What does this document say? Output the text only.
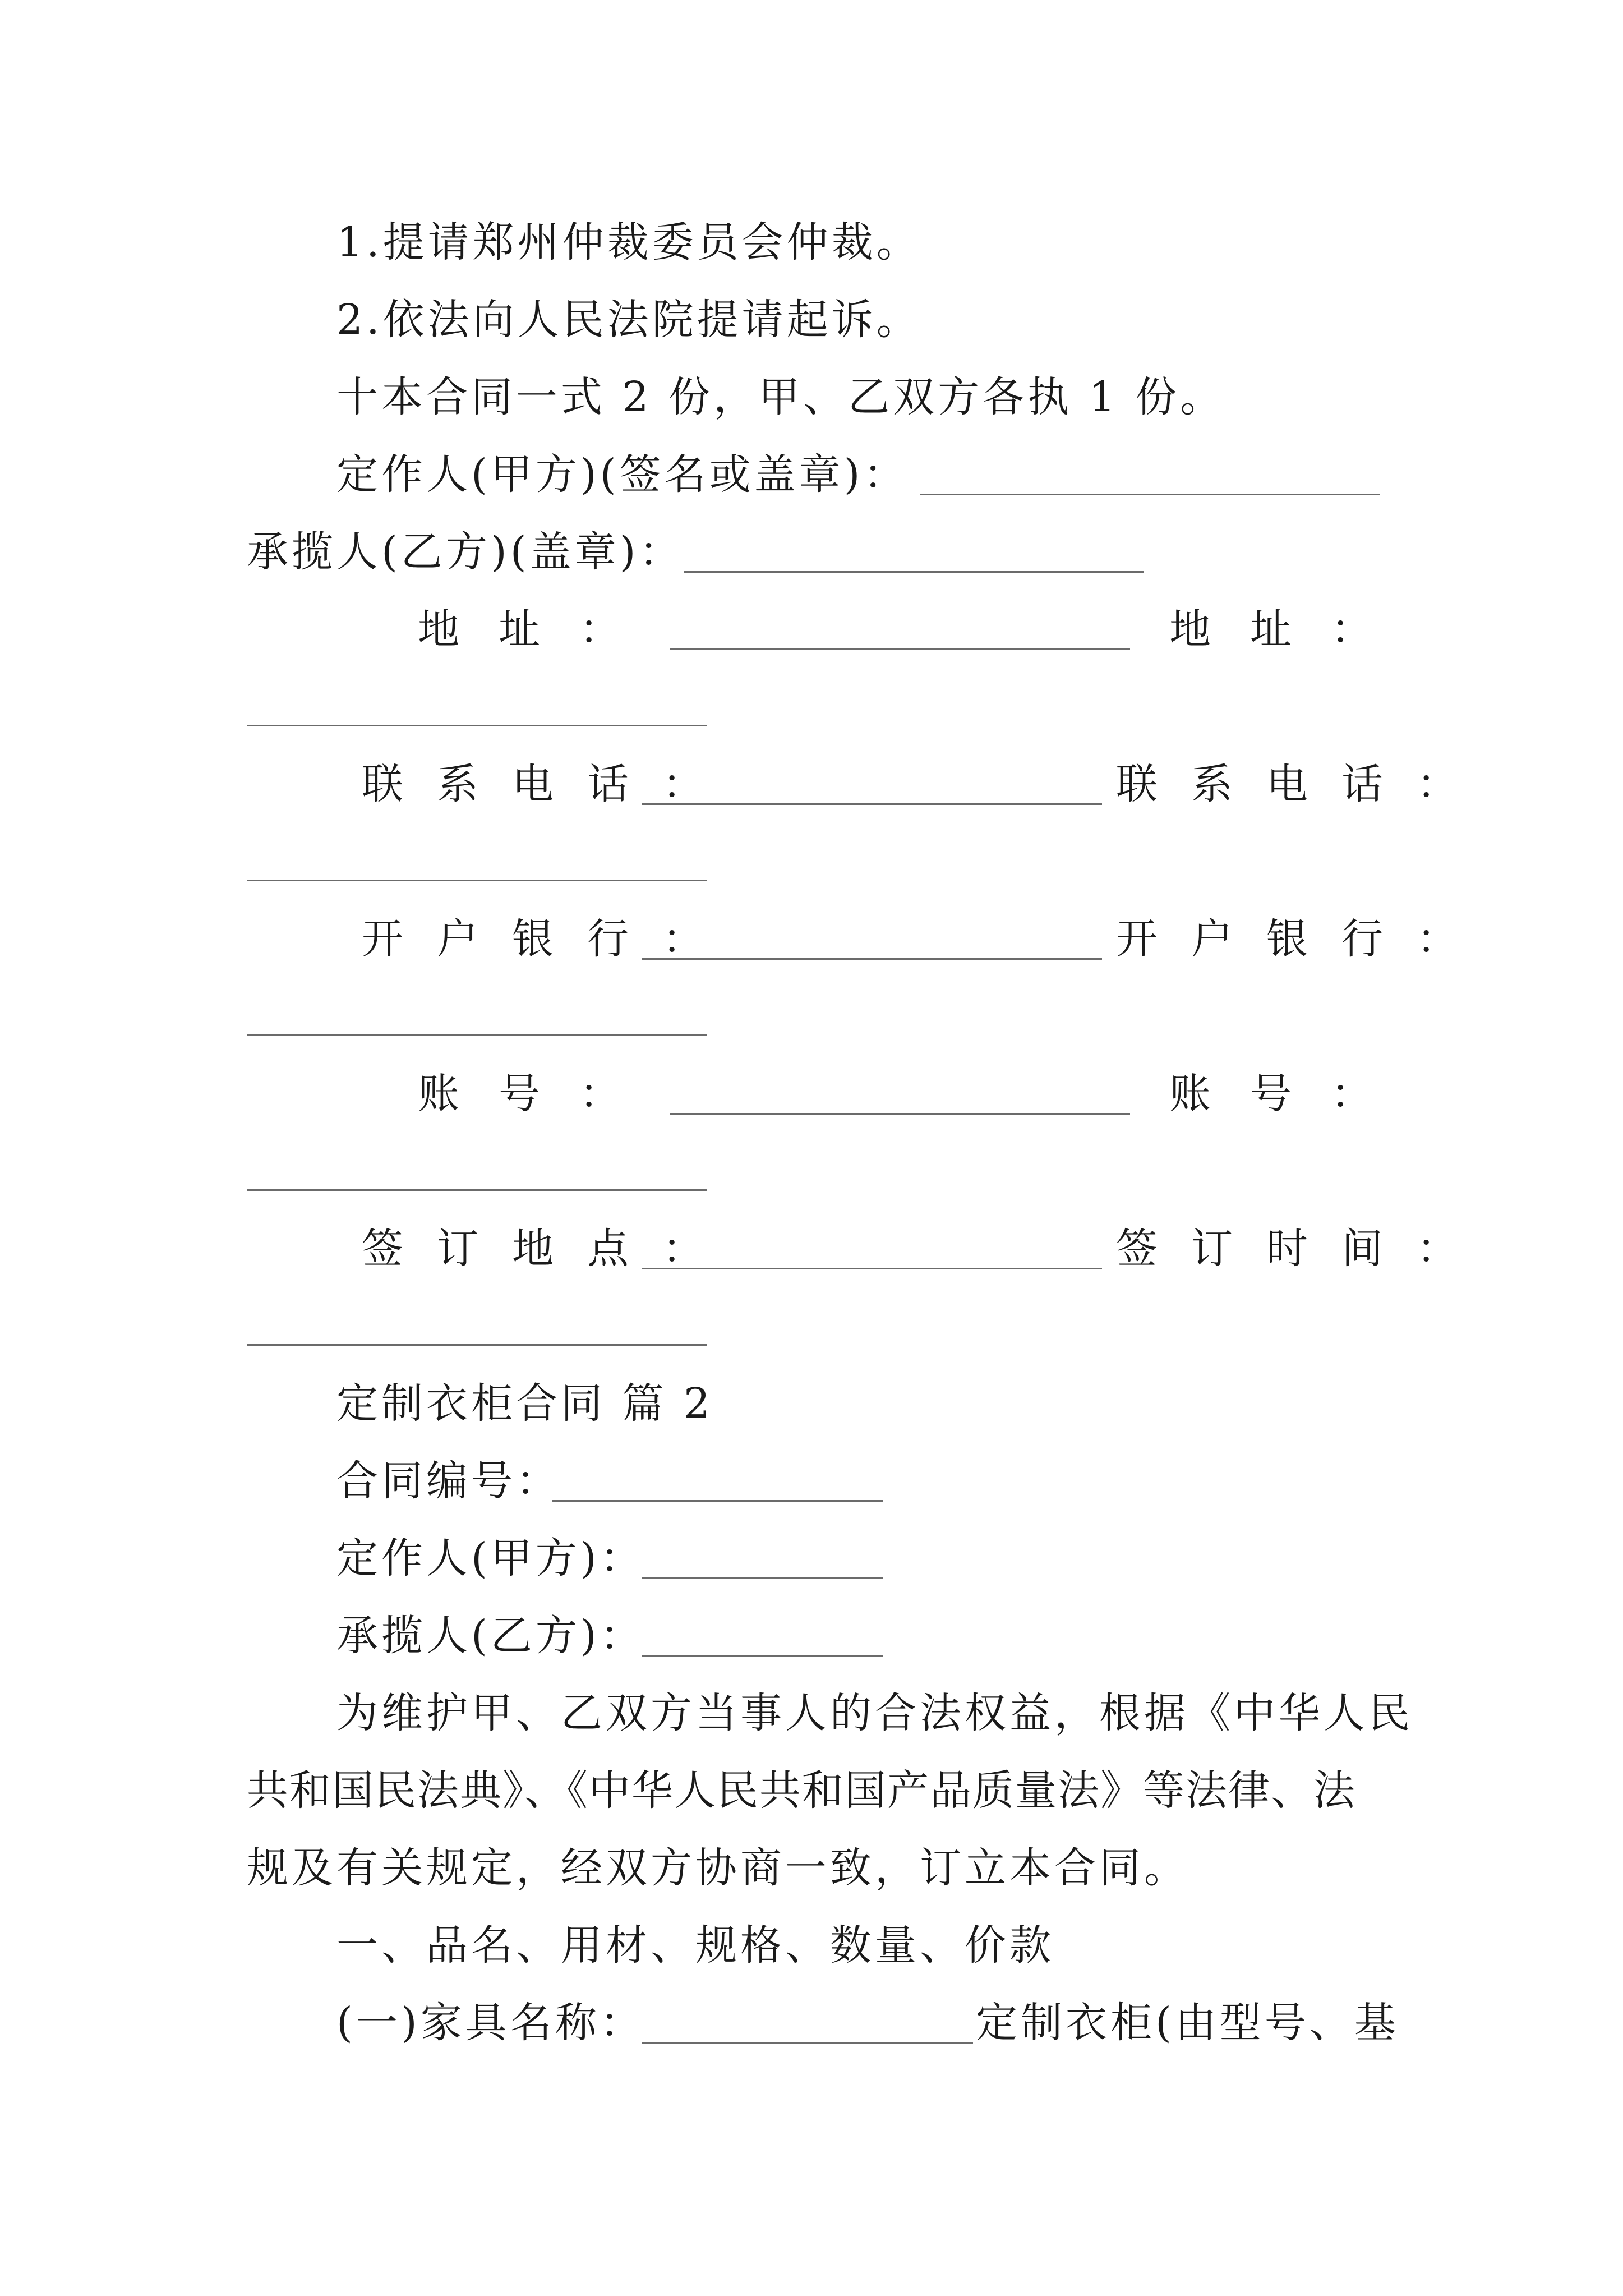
1.提请郑州仲裁委员会仲裁。
2.依法向人民法院提请起诉。
十本合同一式 2 份，甲、乙双方各执 1 份。
定作人(甲方)(签名或盖章)：
承揽人(乙方)(盖章)：
地址：	地址：
联系电话：	联系电话：
开户银行：	开户银行：
账号：	账号：
签订地点：	签订时间：
定制衣柜合同 篇 2
合同编号：
定作人(甲方)：
承揽人(乙方)：
为维护甲、乙双方当事人的合法权益，根据《中华人民
共和国民法典》、《中华人民共和国产品质量法》等法律、法
规及有关规定，经双方协商一致，订立本合同。
一、品名、用材、规格、数量、价款
(一)家具名称：	定制衣柜(由型号、基
